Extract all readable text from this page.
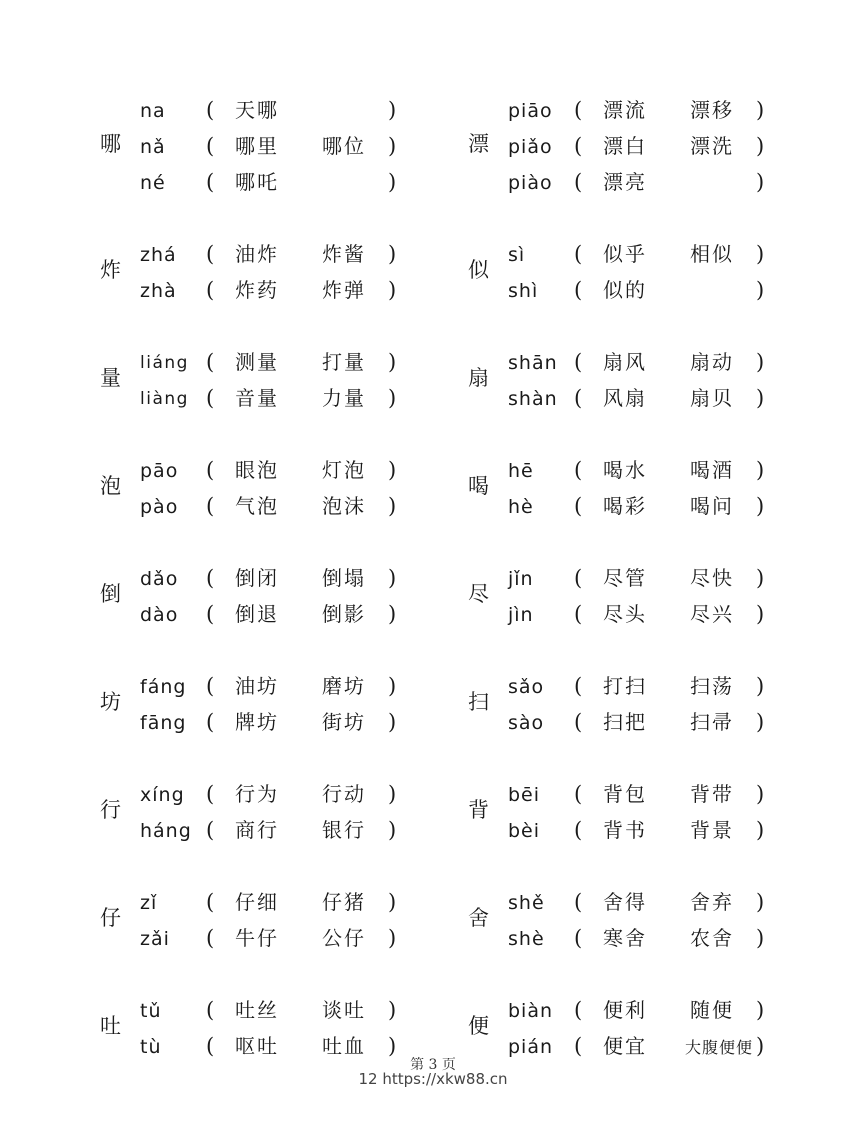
哪
na ( 天哪	)
nǎ ( 哪里 哪位 )
né ( 哪吒	)
炸
zhá ( 油炸 炸酱 )
zhà ( 炸药 炸弹 )
量
liáng ( 测量 打量 )
liàng ( 音量 力量 )
泡
pāo ( 眼泡 灯泡 )
pào ( 气泡 泡沫 )
倒
dǎo ( 倒闭 倒塌 )
dào ( 倒退 倒影 )
坊
fáng ( 油坊 磨坊 )
fāng ( 牌坊 街坊 )
行
xíng ( 行为 行动 )
háng ( 商行 银行 )
仔
zǐ ( 仔细 仔猪 )
zǎi ( 牛仔 公仔 )
吐
tǔ ( 吐丝 谈吐 )
tù ( 呕吐 吐血 )
漂
piāo ( 漂流 漂移 )
piǎo ( 漂白 漂洗 )
piào ( 漂亮	)
似
sì ( 似乎 相似 )
shì ( 似的	)
扇
shān ( 扇风 扇动 )
shàn ( 风扇 扇贝 )
喝
hē ( 喝水 喝酒 )
hè ( 喝彩 喝问 )
尽
jǐn ( 尽管 尽快 )
jìn ( 尽头 尽兴 )
扫
sǎo ( 打扫 扫荡 )
sào ( 扫把 扫帚 )
背
bēi ( 背包 背带 )
bèi ( 背书 背景 )
舍
shě ( 舍得 舍弃 )
shè ( 寒舍 农舍 )
便
biàn ( 便利 随便 )
pián ( 便宜 大腹便便 )
第 3 页
12 https://xkw88.cn
